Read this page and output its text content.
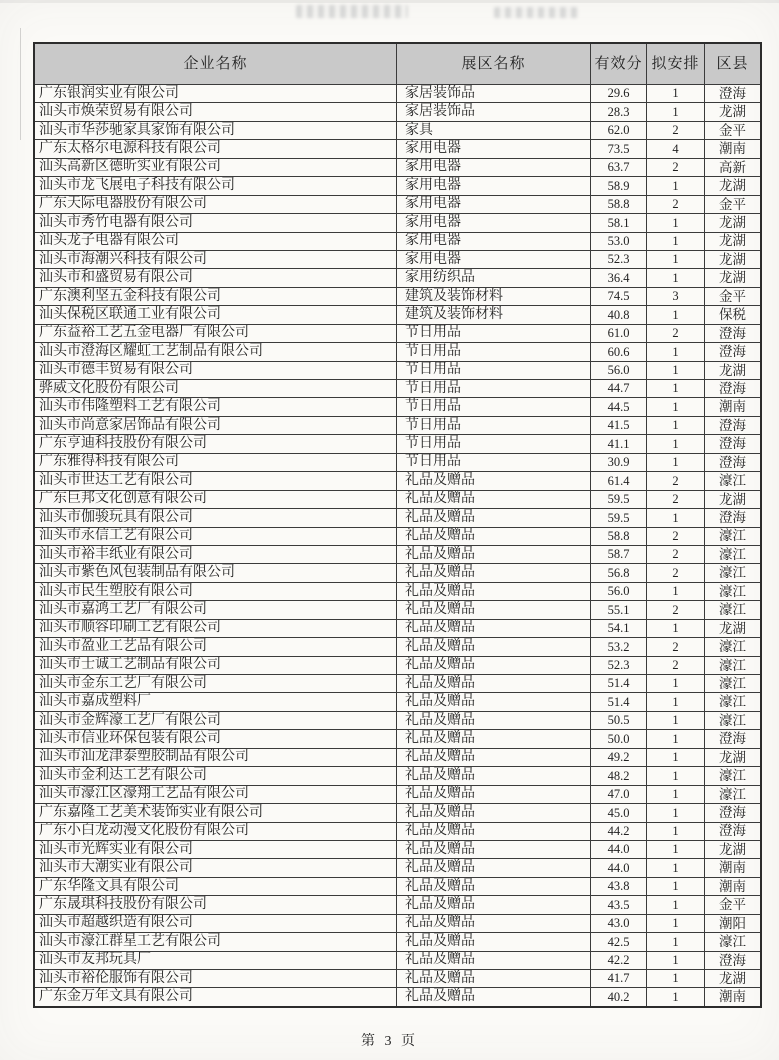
企业名称	展区名称	有效分	拟安排	区县
广东银润实业有限公司	家居装饰品	29.6	1	澄海
汕头市焕荣贸易有限公司	家居装饰品	28.3	1	龙湖
汕头市华莎驰家具家饰有限公司	家具	62.0	2	金平
广东太格尔电源科技有限公司	家用电器	73.5	4	潮南
汕头高新区德昕实业有限公司	家用电器	63.7	2	高新
汕头市龙飞展电子科技有限公司	家用电器	58.9	1	龙湖
广东天际电器股份有限公司	家用电器	58.8	2	金平
汕头市秀竹电器有限公司	家用电器	58.1	1	龙湖
汕头龙子电器有限公司	家用电器	53.0	1	龙湖
汕头市海潮兴科技有限公司	家用电器	52.3	1	龙湖
汕头市和盛贸易有限公司	家用纺织品	36.4	1	龙湖
广东澳利坚五金科技有限公司	建筑及装饰材料	74.5	3	金平
汕头保税区联通工业有限公司	建筑及装饰材料	40.8	1	保税
广东益裕工艺五金电器厂有限公司	节日用品	61.0	2	澄海
汕头市澄海区耀虹工艺制品有限公司	节日用品	60.6	1	澄海
汕头市德丰贸易有限公司	节日用品	56.0	1	龙湖
骅威文化股份有限公司	节日用品	44.7	1	澄海
汕头市伟隆塑料工艺有限公司	节日用品	44.5	1	潮南
汕头市尚意家居饰品有限公司	节日用品	41.5	1	澄海
广东亨迪科技股份有限公司	节日用品	41.1	1	澄海
广东雅得科技有限公司	节日用品	30.9	1	澄海
汕头市世达工艺有限公司	礼品及赠品	61.4	2	濠江
广东巨邦文化创意有限公司	礼品及赠品	59.5	2	龙湖
汕头市伽骏玩具有限公司	礼品及赠品	59.5	1	澄海
汕头市永信工艺有限公司	礼品及赠品	58.8	2	濠江
汕头市裕丰纸业有限公司	礼品及赠品	58.7	2	濠江
汕头市紫色风包装制品有限公司	礼品及赠品	56.8	2	濠江
汕头市民生塑胶有限公司	礼品及赠品	56.0	1	濠江
汕头市嘉鸿工艺厂有限公司	礼品及赠品	55.1	2	濠江
汕头市顺容印刷工艺有限公司	礼品及赠品	54.1	1	龙湖
汕头市盈业工艺品有限公司	礼品及赠品	53.2	2	濠江
汕头市士诚工艺制品有限公司	礼品及赠品	52.3	2	濠江
汕头市金东工艺厂有限公司	礼品及赠品	51.4	1	濠江
汕头市嘉成塑料厂	礼品及赠品	51.4	1	濠江
汕头市金辉濠工艺厂有限公司	礼品及赠品	50.5	1	濠江
汕头市信业环保包装有限公司	礼品及赠品	50.0	1	澄海
汕头市汕龙津泰塑胶制品有限公司	礼品及赠品	49.2	1	龙湖
汕头市金利达工艺有限公司	礼品及赠品	48.2	1	濠江
汕头市濠江区濠翔工艺品有限公司	礼品及赠品	47.0	1	濠江
广东嘉隆工艺美术装饰实业有限公司	礼品及赠品	45.0	1	澄海
广东小白龙动漫文化股份有限公司	礼品及赠品	44.2	1	澄海
汕头市光辉实业有限公司	礼品及赠品	44.0	1	龙湖
汕头市大潮实业有限公司	礼品及赠品	44.0	1	潮南
广东华隆文具有限公司	礼品及赠品	43.8	1	潮南
广东晟琪科技股份有限公司	礼品及赠品	43.5	1	金平
汕头市超越织造有限公司	礼品及赠品	43.0	1	潮阳
汕头市濠江群星工艺有限公司	礼品及赠品	42.5	1	濠江
汕头市友邦玩具厂	礼品及赠品	42.2	1	澄海
汕头市裕伦服饰有限公司	礼品及赠品	41.7	1	龙湖
广东金万年文具有限公司	礼品及赠品	40.2	1	潮南
第 3 页
